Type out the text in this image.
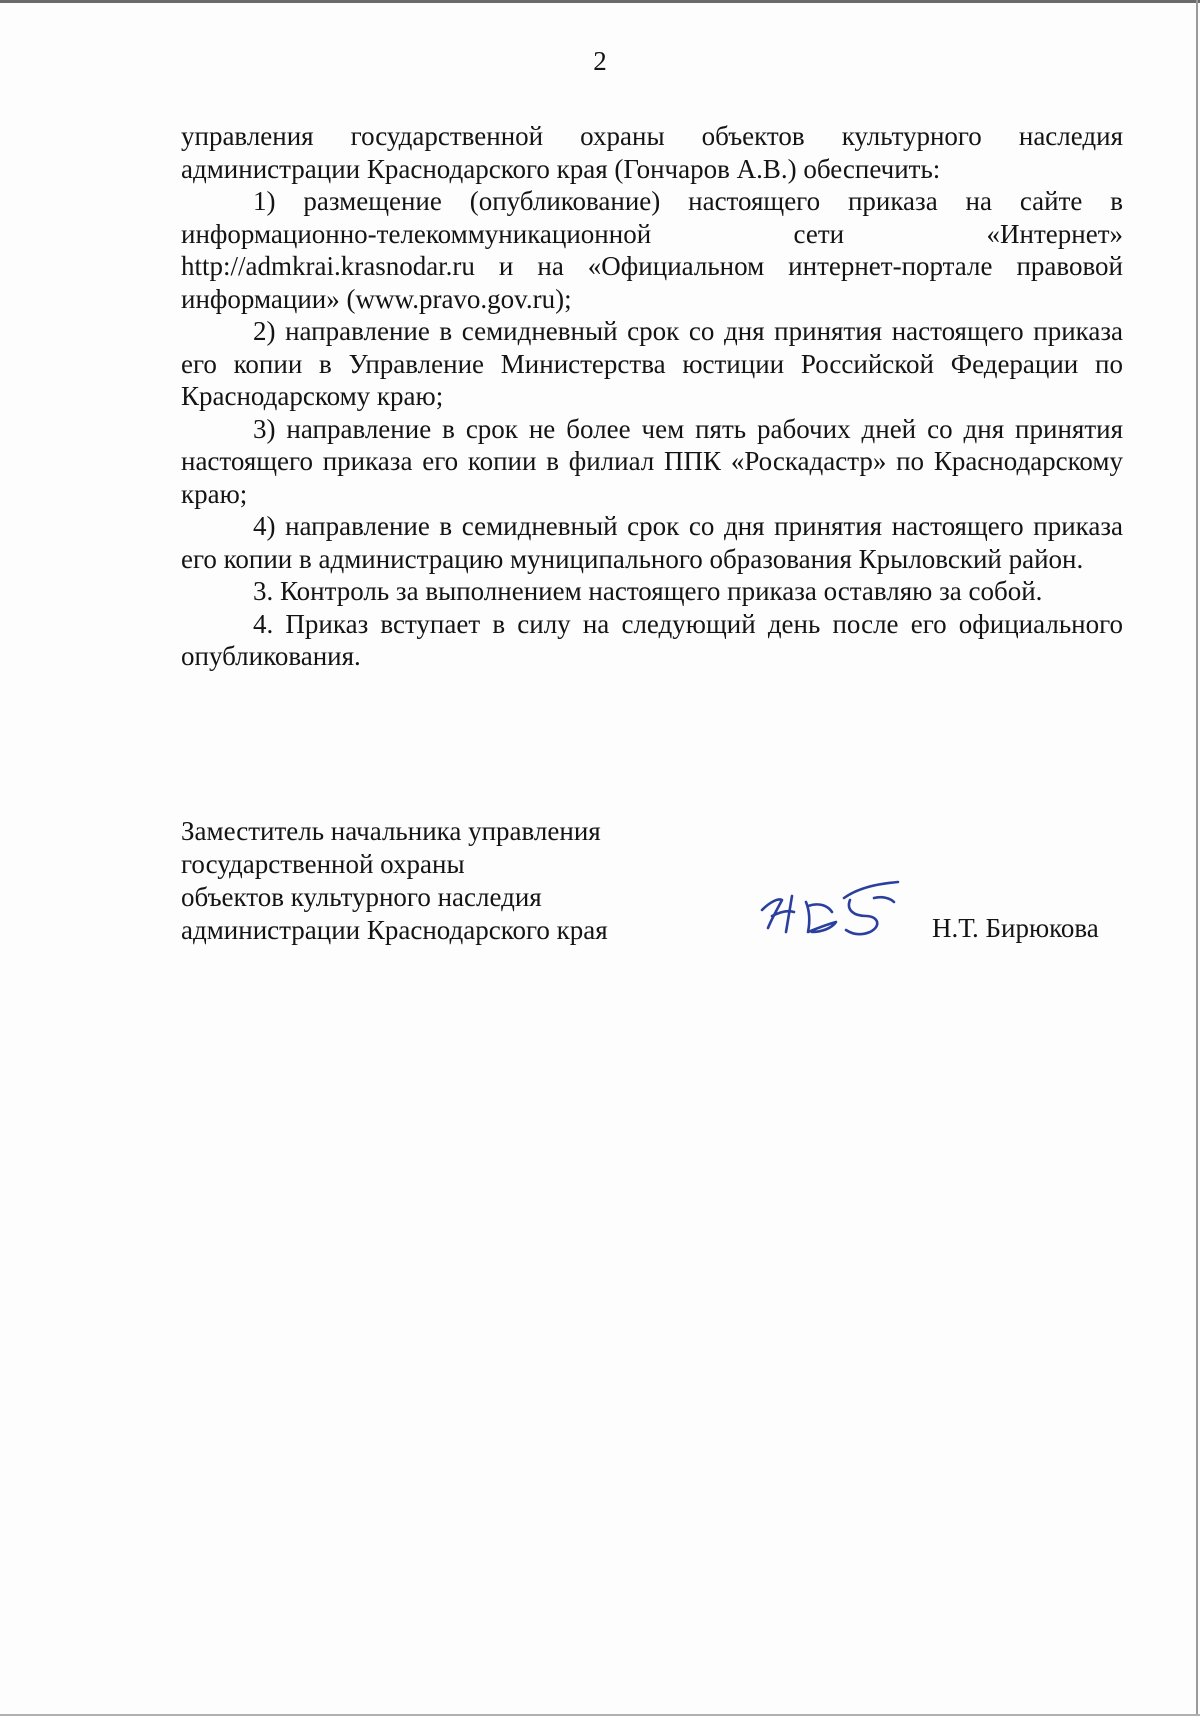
2

управления государственной охраны объектов культурного наследия администрации Краснодарского края (Гончаров А.В.) обеспечить:

1) размещение (опубликование) настоящего приказа на сайте в информационно-телекоммуникационной сети «Интернет» http://admkrai.krasnodar.ru и на «Официальном интернет-портале правовой информации» (www.pravo.gov.ru);

2) направление в семидневный срок со дня принятия настоящего приказа его копии в Управление Министерства юстиции Российской Федерации по Краснодарскому краю;

3) направление в срок не более чем пять рабочих дней со дня принятия настоящего приказа его копии в филиал ППК «Роскадастр» по Краснодарскому краю;

4) направление в семидневный срок со дня принятия настоящего приказа его копии в администрацию муниципального образования Крыловский район.

3. Контроль за выполнением настоящего приказа оставляю за собой.

4. Приказ вступает в силу на следующий день после его официального опубликования.

Заместитель начальника управления
государственной охраны
объектов культурного наследия
администрации Краснодарского края	Н.Т. Бирюкова
